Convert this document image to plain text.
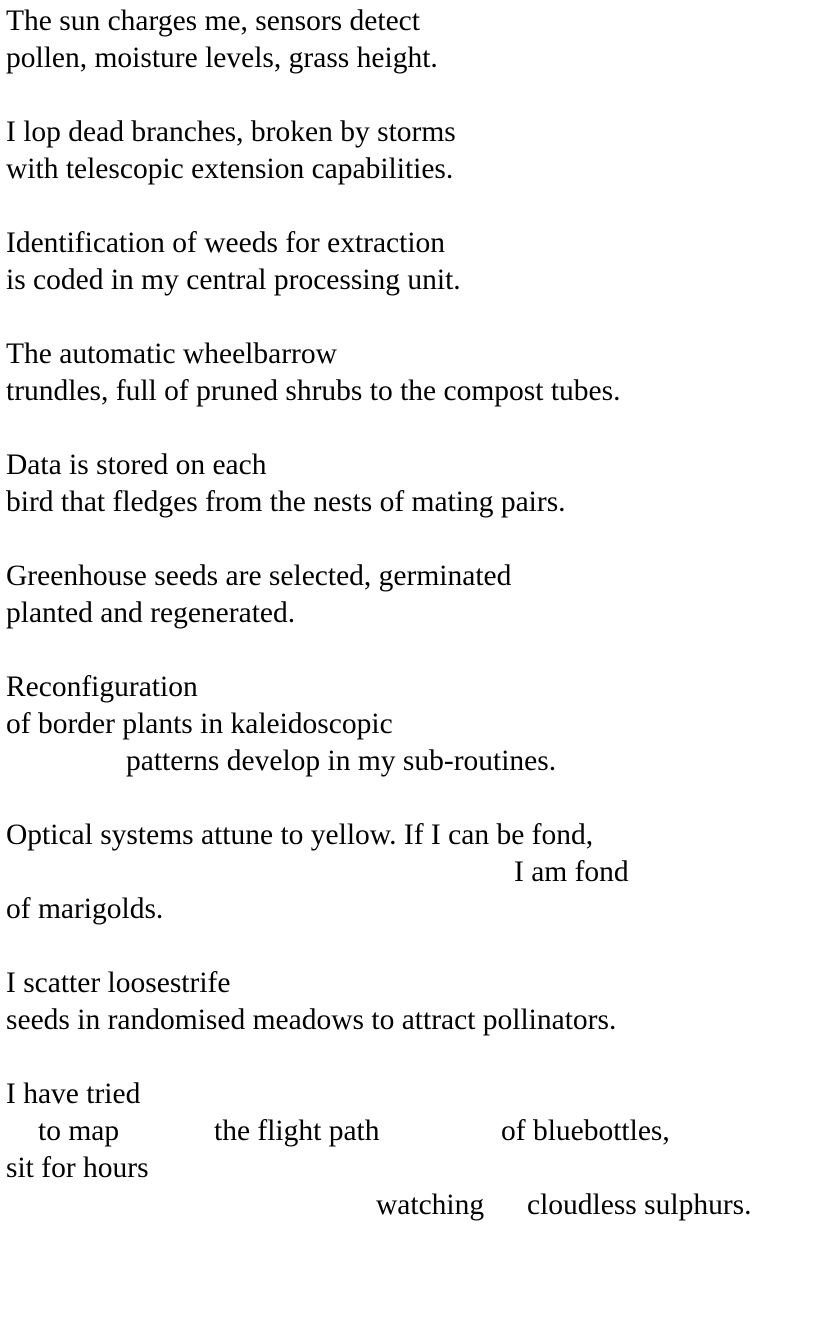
The sun charges me, sensors detect
pollen, moisture levels, grass height.
I lop dead branches, broken by storms
with telescopic extension capabilities.
Identification of weeds for extraction
is coded in my central processing unit.
The automatic wheelbarrow
trundles, full of pruned shrubs to the compost tubes.
Data is stored on each
bird that fledges from the nests of mating pairs.
Greenhouse seeds are selected, germinated
planted and regenerated.
Reconfiguration
of border plants in kaleidoscopic
patterns develop in my sub-routines.
Optical systems attune to yellow. If I can be fond,
I am fond
of marigolds.
I scatter loosestrife
seeds in randomised meadows to attract pollinators.
I have tried

to map

	the flight path

	of bluebottles,

sit for hours

watching

cloudless sulphurs.
